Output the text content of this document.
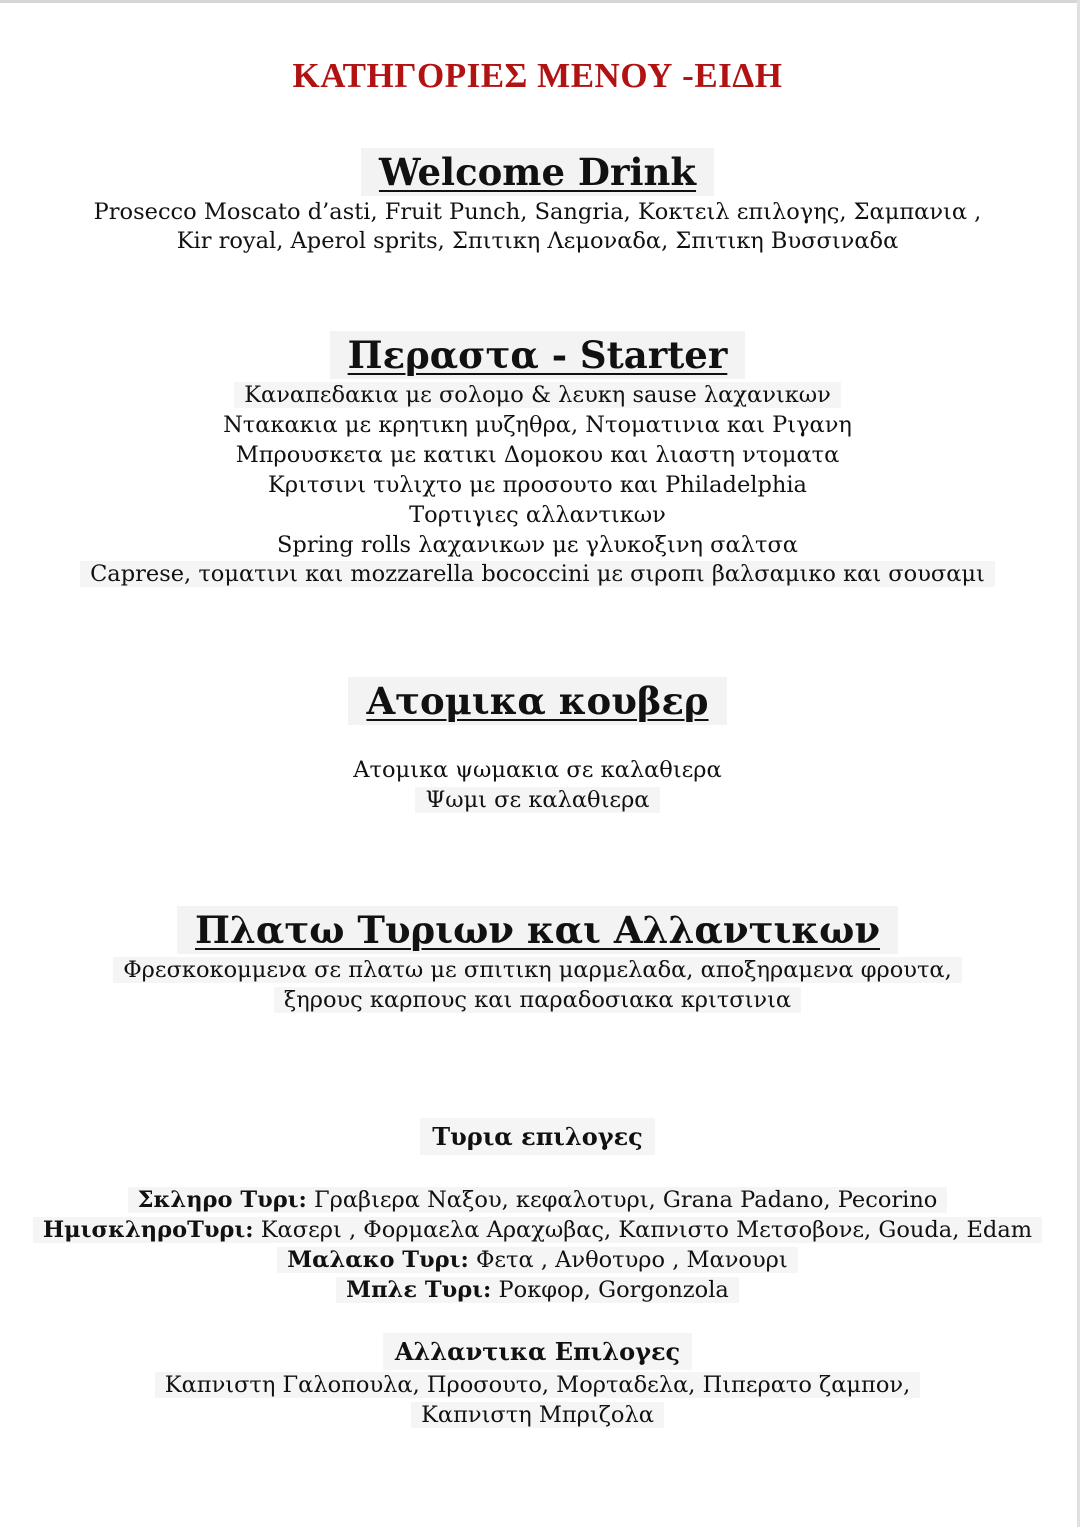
ΚΑΤΗΓΟΡΙΕΣ ΜΕΝΟΥ -ΕΙΔΗ
Welcome Drink
Prosecco Moscato d’asti, Fruit Punch, Sangria, Κοκτειλ επιλογης, Σαμπανια ,
Kir royal, Aperol sprits, Σπιτικη Λεμοναδα, Σπιτικη Βυσσιναδα
Περαστα - Starter
Καναπεδακια με σολομο & λευκη sause λαχανικων
Ντακακια με κρητικη μυζηθρα, Ντοματινια και Ριγανη
Μπρουσκετα με κατικι Δομοκου και λιαστη ντοματα
Κριτσινι τυλιχτο με προσουτο και Philadelphia
Τορτιγιες αλλαντικων
Spring rolls λαχανικων με γλυκοξινη σαλτσα
Caprese, τοματινι και mozzarella bococcini με σιροπι βαλσαμικο και σουσαμι
Ατομικα κουβερ
Ατομικα ψωμακια σε καλαθιερα
Ψωμι σε καλαθιερα
Πλατω Τυριων και Αλλαντικων
Φρεσκοκομμενα σε πλατω με σπιτικη μαρμελαδα, αποξηραμενα φρουτα,
ξηρους καρπους και παραδοσιακα κριτσινια
Τυρια επιλογες
Σκληρο Τυρι: Γραβιερα Ναξου, κεφαλοτυρι, Grana Padano, Pecorino
ΗμισκληροΤυρι: Κασερι , Φορμαελα Αραχωβας, Καπνιστο Μετσοβονε, Gouda, Edam
Μαλακο Τυρι: Φετα , Ανθοτυρο , Μανουρι
Μπλε Τυρι: Ροκφορ, Gorgonzola
Αλλαντικα Επιλογες
Καπνιστη Γαλοπουλα, Προσουτο, Μορταδελα, Πιπερατο ζαμπον,
Καπνιστη Μπριζολα
